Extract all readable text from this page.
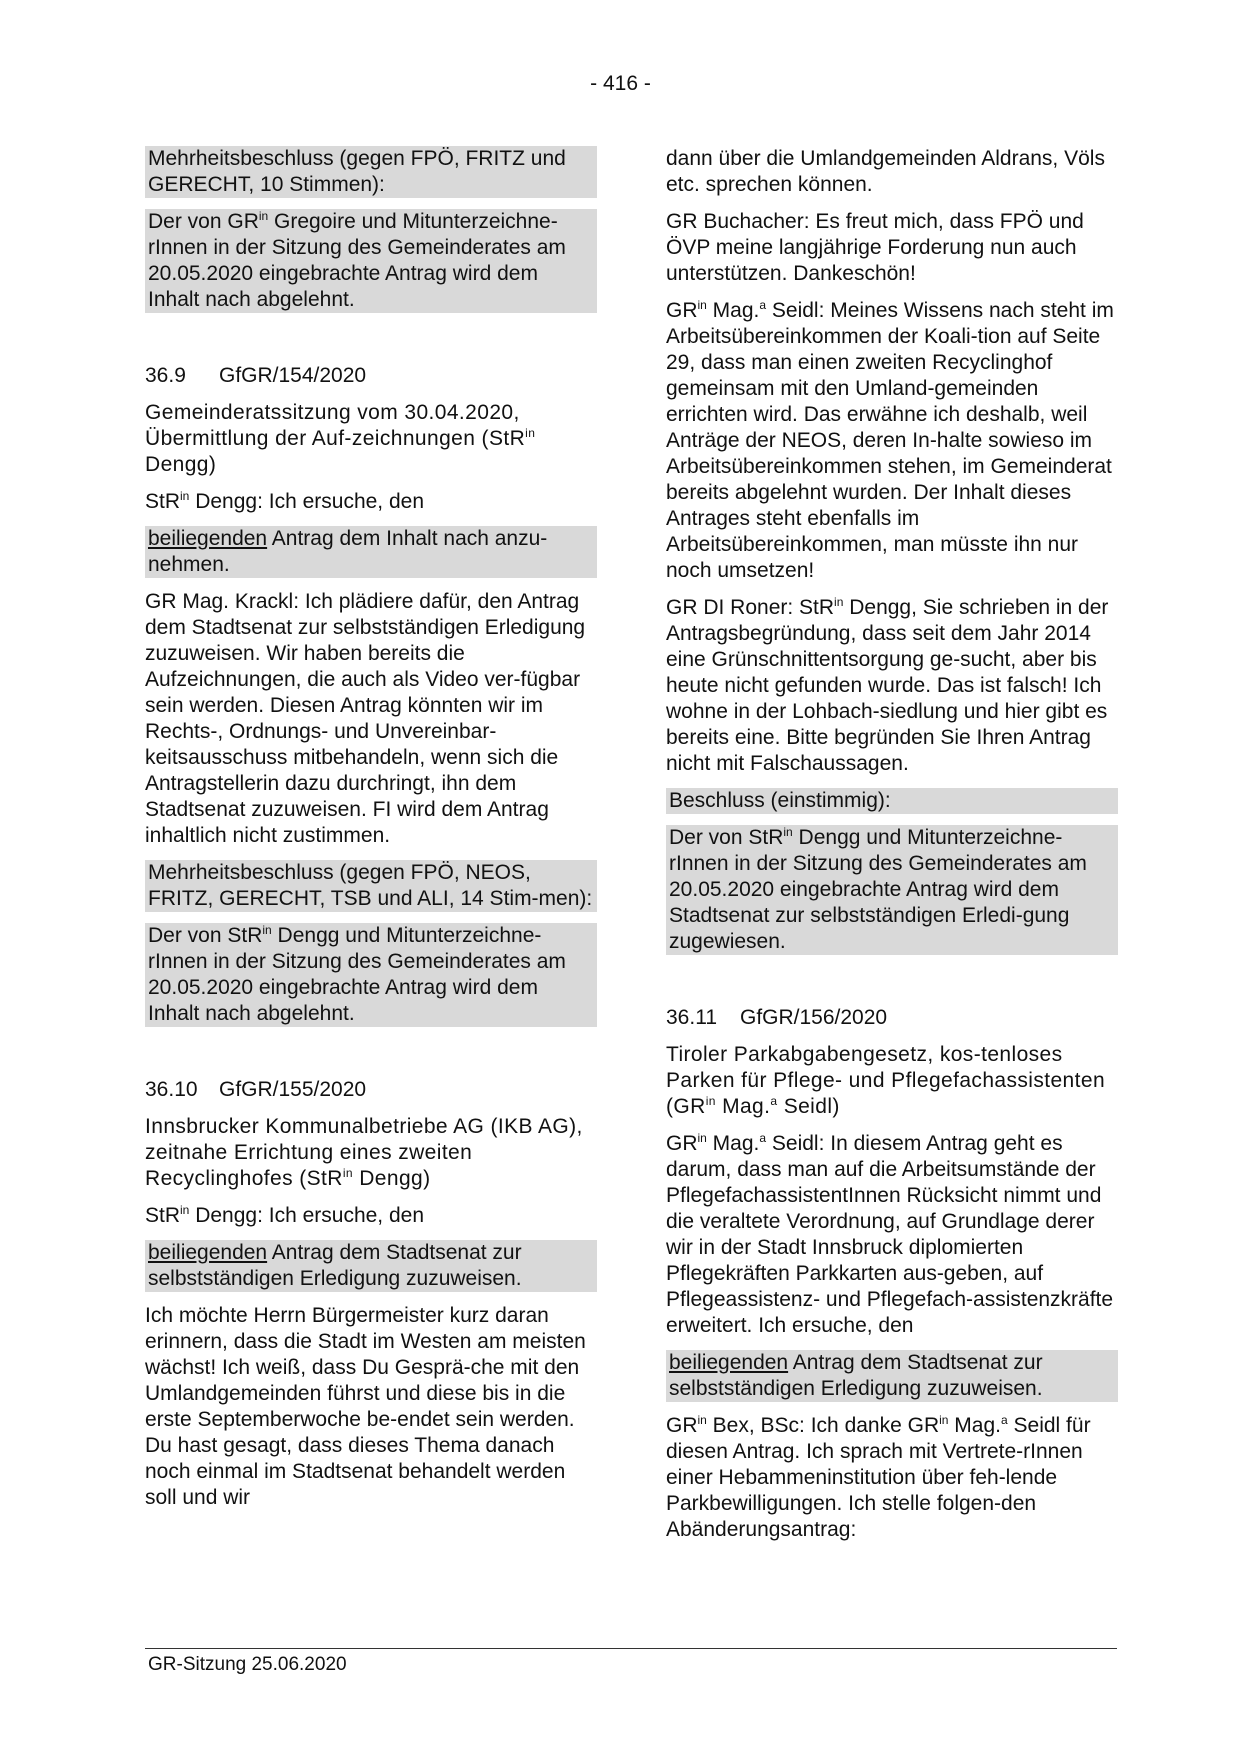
- 416 -

Mehrheitsbeschluss (gegen FPÖ, FRITZ und GERECHT, 10 Stimmen):

Der von $GR^{in}$ Gregoire und Mitunterzeichne-rInnen in der Sitzung des Gemeinderates am 20.05.2020 eingebrachte Antrag wird dem Inhalt nach abgelehnt.

36.9	GfGR/154/2020

Gemeinderatssitzung vom 30.04.2020, Übermittlung der Auf-zeichnungen (StR$^{in}$ Dengg)

StR$^{in}$ Dengg: Ich ersuche, den

beiliegenden Antrag dem Inhalt nach anzu-nehmen.

GR Mag. Krackl: Ich plädiere dafür, den Antrag dem Stadtsenat zur selbstständigen Erledigung zuzuweisen. Wir haben bereits die Aufzeichnungen, die auch als Video ver-fügbar sein werden. Diesen Antrag könnten wir im Rechts-, Ordnungs- und Unvereinbar-keitsausschuss mitbehandeln, wenn sich die Antragstellerin dazu durchringt, ihn dem Stadtsenat zuzuweisen. FI wird dem Antrag inhaltlich nicht zustimmen.

Mehrheitsbeschluss (gegen FPÖ, NEOS, FRITZ, GERECHT, TSB und ALI, 14 Stim-men):

Der von StR$^{in}$ Dengg und Mitunterzeichne-rInnen in der Sitzung des Gemeinderates am 20.05.2020 eingebrachte Antrag wird dem Inhalt nach abgelehnt.

36.10	GfGR/155/2020

Innsbrucker Kommunalbetriebe AG (IKB AG), zeitnahe Errichtung eines zweiten Recyclinghofes (StR$^{in}$ Dengg)

StR$^{in}$ Dengg: Ich ersuche, den

beiliegenden Antrag dem Stadtsenat zur selbstständigen Erledigung zuzuweisen.

Ich möchte Herrn Bürgermeister kurz daran erinnern, dass die Stadt im Westen am meisten wächst! Ich weiß, dass Du Gesprä-che mit den Umlandgemeinden führst und diese bis in die erste Septemberwoche be-endet sein werden. Du hast gesagt, dass dieses Thema danach noch einmal im Stadtsenat behandelt werden soll und wir

dann über die Umlandgemeinden Aldrans, Völs etc. sprechen können.

GR Buchacher: Es freut mich, dass FPÖ und ÖVP meine langjährige Forderung nun auch unterstützen. Dankeschön!

$GR^{in}$ Mag.$^a$ Seidl: Meines Wissens nach steht im Arbeitsübereinkommen der Koali-tion auf Seite 29, dass man einen zweiten Recyclinghof gemeinsam mit den Umland-gemeinden errichten wird. Das erwähne ich deshalb, weil Anträge der NEOS, deren In-halte sowieso im Arbeitsübereinkommen stehen, im Gemeinderat bereits abgelehnt wurden. Der Inhalt dieses Antrages steht ebenfalls im Arbeitsübereinkommen, man müsste ihn nur noch umsetzen!

GR DI Roner: StR$^{in}$ Dengg, Sie schrieben in der Antragsbegründung, dass seit dem Jahr 2014 eine Grünschnittentsorgung ge-sucht, aber bis heute nicht gefunden wurde. Das ist falsch! Ich wohne in der Lohbach-siedlung und hier gibt es bereits eine. Bitte begründen Sie Ihren Antrag nicht mit Falschaussagen.

Beschluss (einstimmig):

Der von StR$^{in}$ Dengg und Mitunterzeichne-rInnen in der Sitzung des Gemeinderates am 20.05.2020 eingebrachte Antrag wird dem Stadtsenat zur selbstständigen Erledi-gung zugewiesen.

36.11	GfGR/156/2020

Tiroler Parkabgabengesetz, kos-tenloses Parken für Pflege- und Pflegefachassistenten ($GR^{in}$ Mag.$^a$ Seidl)

$GR^{in}$ Mag.$^a$ Seidl: In diesem Antrag geht es darum, dass man auf die Arbeitsumstände der PflegefachassistentInnen Rücksicht nimmt und die veraltete Verordnung, auf Grundlage derer wir in der Stadt Innsbruck diplomierten Pflegekräften Parkkarten aus-geben, auf Pflegeassistenz- und Pflegefach-assistenzkräfte erweitert. Ich ersuche, den

beiliegenden Antrag dem Stadtsenat zur selbstständigen Erledigung zuzuweisen.

$GR^{in}$ Bex, BSc: Ich danke $GR^{in}$ Mag.$^a$ Seidl für diesen Antrag. Ich sprach mit Vertrete-rInnen einer Hebammeninstitution über feh-lende Parkbewilligungen. Ich stelle folgen-den Abänderungsantrag:

GR-Sitzung 25.06.2020
